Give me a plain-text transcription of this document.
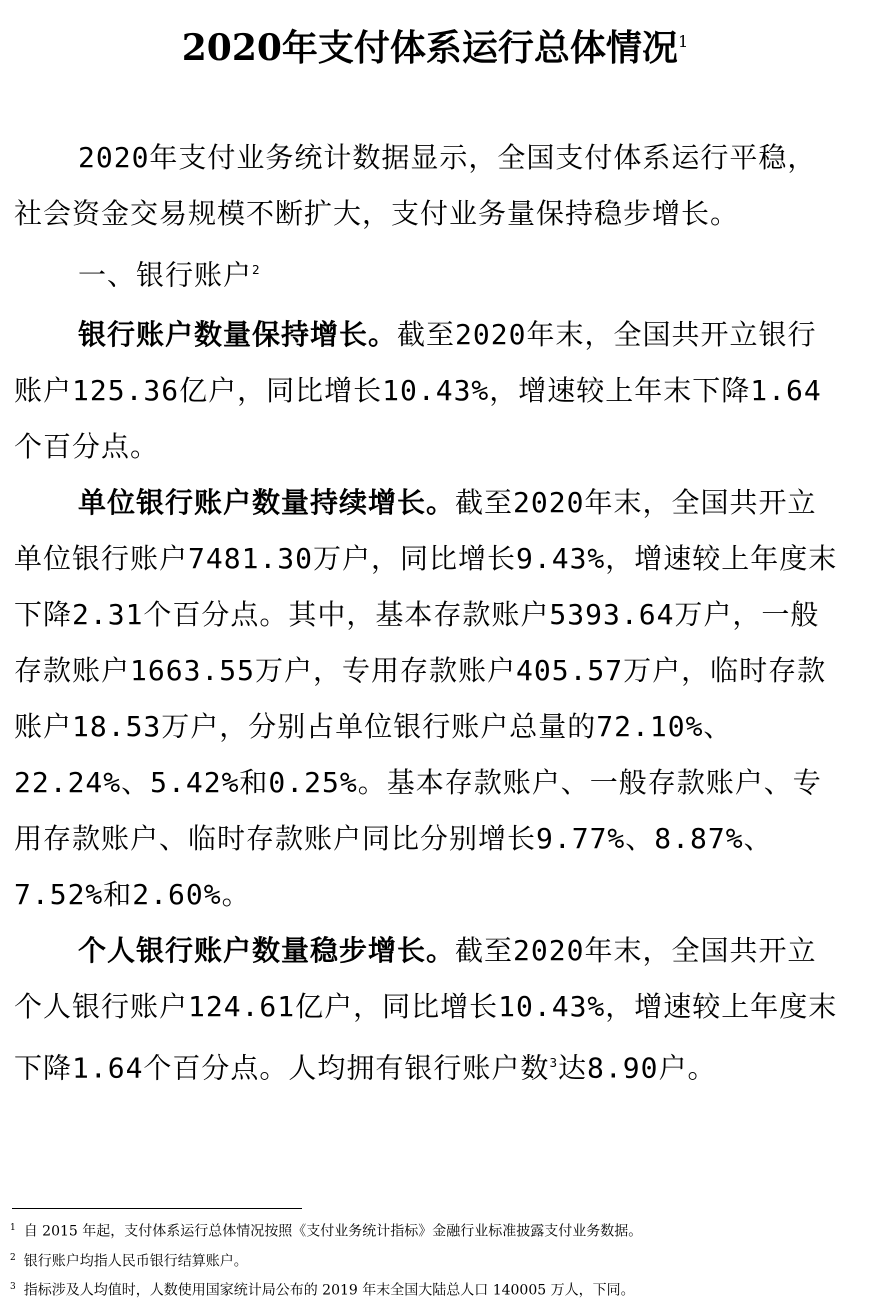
2020年支付体系运行总体情况$^1$

2020年支付业务统计数据显示，全国支付体系运行平稳，社会资金交易规模不断扩大，支付业务量保持稳步增长。

一、银行账户$^2$

银行账户数量保持增长。截至2020年末，全国共开立银行账户125.36亿户，同比增长10.43%，增速较上年末下降1.64个百分点。

单位银行账户数量持续增长。截至2020年末，全国共开立单位银行账户7481.30万户，同比增长9.43%，增速较上年度末下降2.31个百分点。其中，基本存款账户5393.64万户，一般存款账户1663.55万户，专用存款账户405.57万户，临时存款账户18.53万户，分别占单位银行账户总量的72.10%、22.24%、5.42%和0.25%。基本存款账户、一般存款账户、专用存款账户、临时存款账户同比分别增长9.77%、8.87%、7.52%和2.60%。

个人银行账户数量稳步增长。截至2020年末，全国共开立个人银行账户124.61亿户，同比增长10.43%，增速较上年度末下降1.64个百分点。人均拥有银行账户数$^3$达8.90户。

$^1$ 自 2015 年起，支付体系运行总体情况按照《支付业务统计指标》金融行业标准披露支付业务数据。

$^2$ 银行账户均指人民币银行结算账户。

$^3$ 指标涉及人均值时，人数使用国家统计局公布的 2019 年末全国大陆总人口 140005 万人，下同。
